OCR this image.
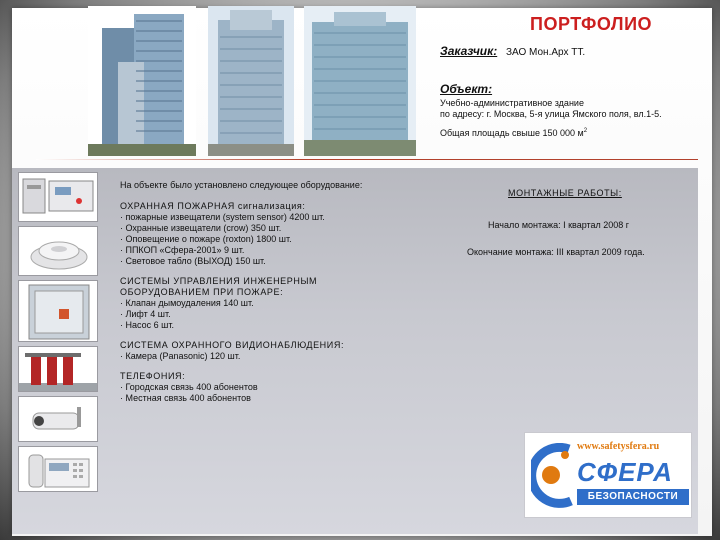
ПОРТФОЛИО
Заказчик: ЗАО Мон.Арх ТТ.
Объект:
Учебно-административное здание
по адресу: г. Москва, 5-я улица Ямского поля, вл.1-5.
Общая площадь свыше 150 000 $м^2$
На объекте было установлено следующее оборудование:
ОХРАННАЯ ПОЖАРНАЯ сигнализация:
· пожарные извещатели (system sensor) 4200 шт.
· Охранные извещатели (crow) 350 шт.
· Оповещение о пожаре (roxton) 1800 шт.
· ППКОП «Сфера-2001» 9 шт.
· Световое табло (ВЫХОД) 150 шт.
СИСТЕМЫ УПРАВЛЕНИЯ ИНЖЕНЕРНЫМ
ОБОРУДОВАНИЕМ ПРИ ПОЖАРЕ:
· Клапан дымоудаления 140 шт.
· Лифт 4 шт.
· Насос 6 шт.
СИСТЕМА ОХРАННОГО ВИДИОНАБЛЮДЕНИЯ:
· Камера (Panasonic) 120 шт.
ТЕЛЕФОНИЯ:
· Городская связь 400 абонентов
· Местная связь 400 абонентов
МОНТАЖНЫЕ РАБОТЫ:
Начало монтажа: I квартал 2008 г
Окончание монтажа: III квартал 2009 года.
www.safetysfera.ru
СФЕРА
БЕЗОПАСНОСТИ
